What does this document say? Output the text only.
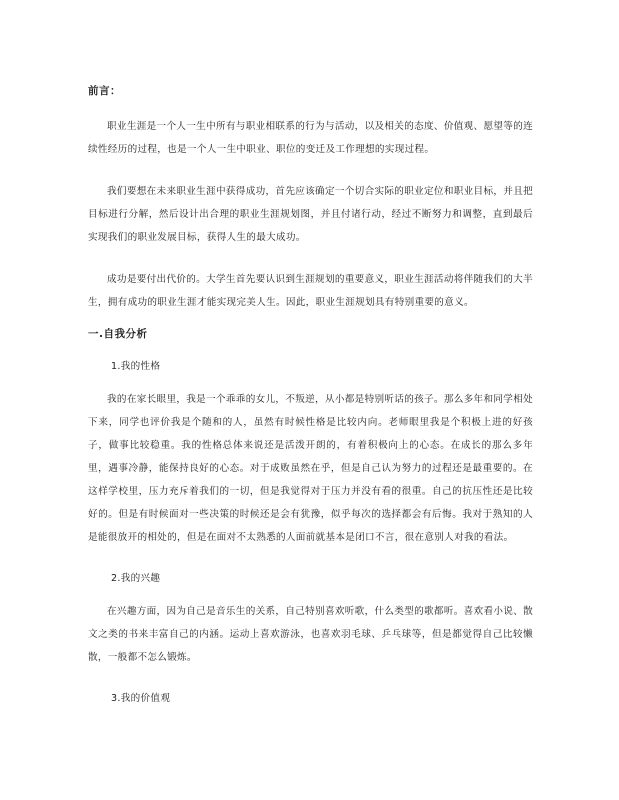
前言：

职业生涯是一个人一生中所有与职业相联系的行为与活动，以及相关的态度、价值观、愿望等的连续性经历的过程，也是一个人一生中职业、职位的变迁及工作理想的实现过程。

我们要想在未来职业生涯中获得成功，首先应该确定一个切合实际的职业定位和职业目标，并且把目标进行分解，然后设计出合理的职业生涯规划图，并且付诸行动，经过不断努力和调整，直到最后实现我们的职业发展目标，获得人生的最大成功。

成功是要付出代价的。大学生首先要认识到生涯规划的重要意义，职业生涯活动将伴随我们的大半生，拥有成功的职业生涯才能实现完美人生。因此，职业生涯规划具有特别重要的意义。

一.自我分析
1.我的性格

我的在家长眼里，我是一个乖乖的女儿，不叛逆，从小都是特别听话的孩子。那么多年和同学相处下来，同学也评价我是个随和的人，虽然有时候性格是比较内向。老师眼里我是个积极上进的好孩子，做事比较稳重。我的性格总体来说还是活泼开朗的，有着积极向上的心态。在成长的那么多年里，遇事冷静，能保持良好的心态。对于成败虽然在乎，但是自己认为努力的过程还是最重要的。在这样学校里，压力充斥着我们的一切，但是我觉得对于压力并没有看的很重。自己的抗压性还是比较好的。但是有时候面对一些决策的时候还是会有犹豫，似乎每次的选择都会有后悔。我对于熟知的人是能很放开的相处的，但是在面对不太熟悉的人面前就基本是闭口不言，很在意别人对我的看法。

2.我的兴趣

在兴趣方面，因为自己是音乐生的关系，自己特别喜欢听歌，什么类型的歌都听。喜欢看小说、散文之类的书来丰富自己的内涵。运动上喜欢游泳，也喜欢羽毛球、乒乓球等，但是都觉得自己比较懒散，一般都不怎么锻炼。

3.我的价值观
